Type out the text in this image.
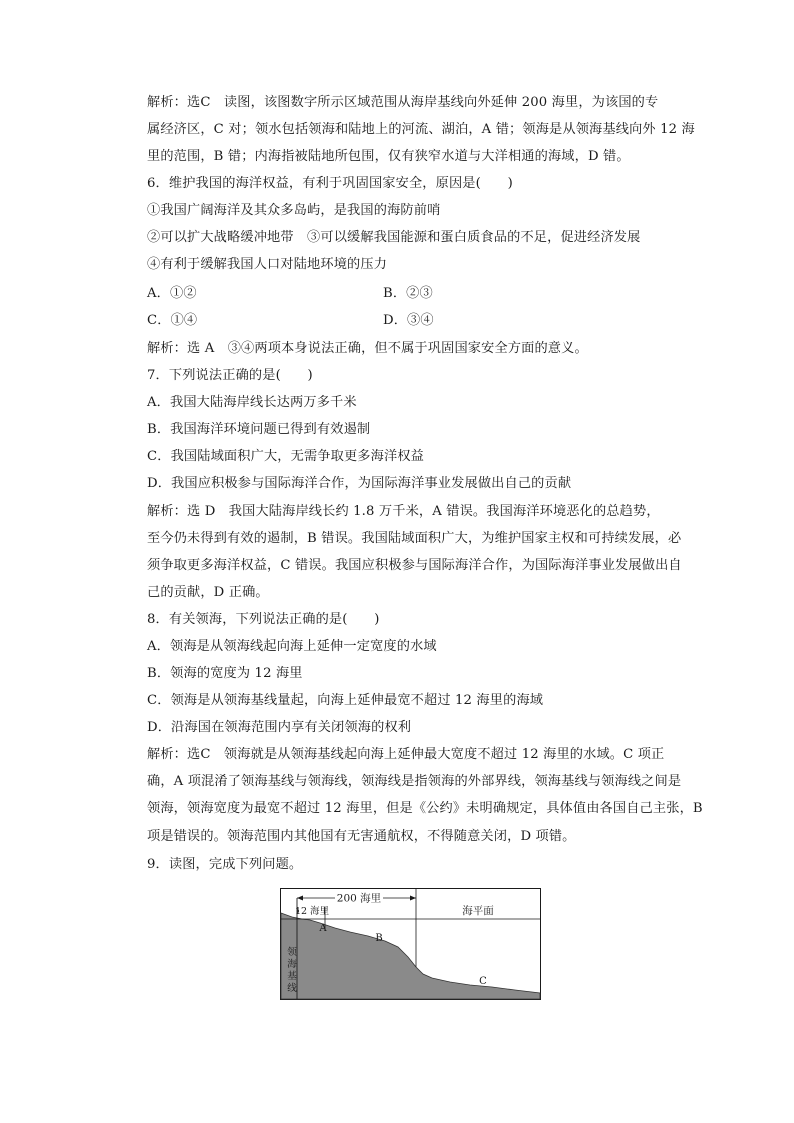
解析：选C　读图，该图数字所示区域范围从海岸基线向外延伸 200 海里，为该国的专
属经济区，C 对；领水包括领海和陆地上的河流、湖泊，A 错；领海是从领海基线向外 12 海
里的范围，B 错；内海指被陆地所包围，仅有狭窄水道与大洋相通的海域，D 错。
6．维护我国的海洋权益，有利于巩固国家安全，原因是(　　)
①我国广阔海洋及其众多岛屿，是我国的海防前哨
②可以扩大战略缓冲地带　③可以缓解我国能源和蛋白质食品的不足，促进经济发展
④有利于缓解我国人口对陆地环境的压力
A．①②	B．②③
C．①④	D．③④
解析：选 A　③④两项本身说法正确，但不属于巩固国家安全方面的意义。
7．下列说法正确的是(　　)
A．我国大陆海岸线长达两万多千米
B．我国海洋环境问题已得到有效遏制
C．我国陆域面积广大，无需争取更多海洋权益
D．我国应积极参与国际海洋合作，为国际海洋事业发展做出自己的贡献
解析：选 D　我国大陆海岸线长约 1.8 万千米，A 错误。我国海洋环境恶化的总趋势，
至今仍未得到有效的遏制，B 错误。我国陆域面积广大，为维护国家主权和可持续发展，必
须争取更多海洋权益，C 错误。我国应积极参与国际海洋合作，为国际海洋事业发展做出自
己的贡献，D 正确。
8．有关领海，下列说法正确的是(　　)
A．领海是从领海线起向海上延伸一定宽度的水域
B．领海的宽度为 12 海里
C．领海是从领海基线量起，向海上延伸最宽不超过 12 海里的海域
D．沿海国在领海范围内享有关闭领海的权利
解析：选C　领海就是从领海基线起向海上延伸最大宽度不超过 12 海里的水域。C 项正
确，A 项混淆了领海基线与领海线，领海线是指领海的外部界线，领海基线与领海线之间是
领海，领海宽度为最宽不超过 12 海里，但是《公约》未明确规定，具体值由各国自己主张，B
项是错误的。领海范围内其他国有无害通航权，不得随意关闭，D 项错。
9．读图，完成下列问题。
200 海里
12 海里	海平面
A
B
C
领
海
基
线
